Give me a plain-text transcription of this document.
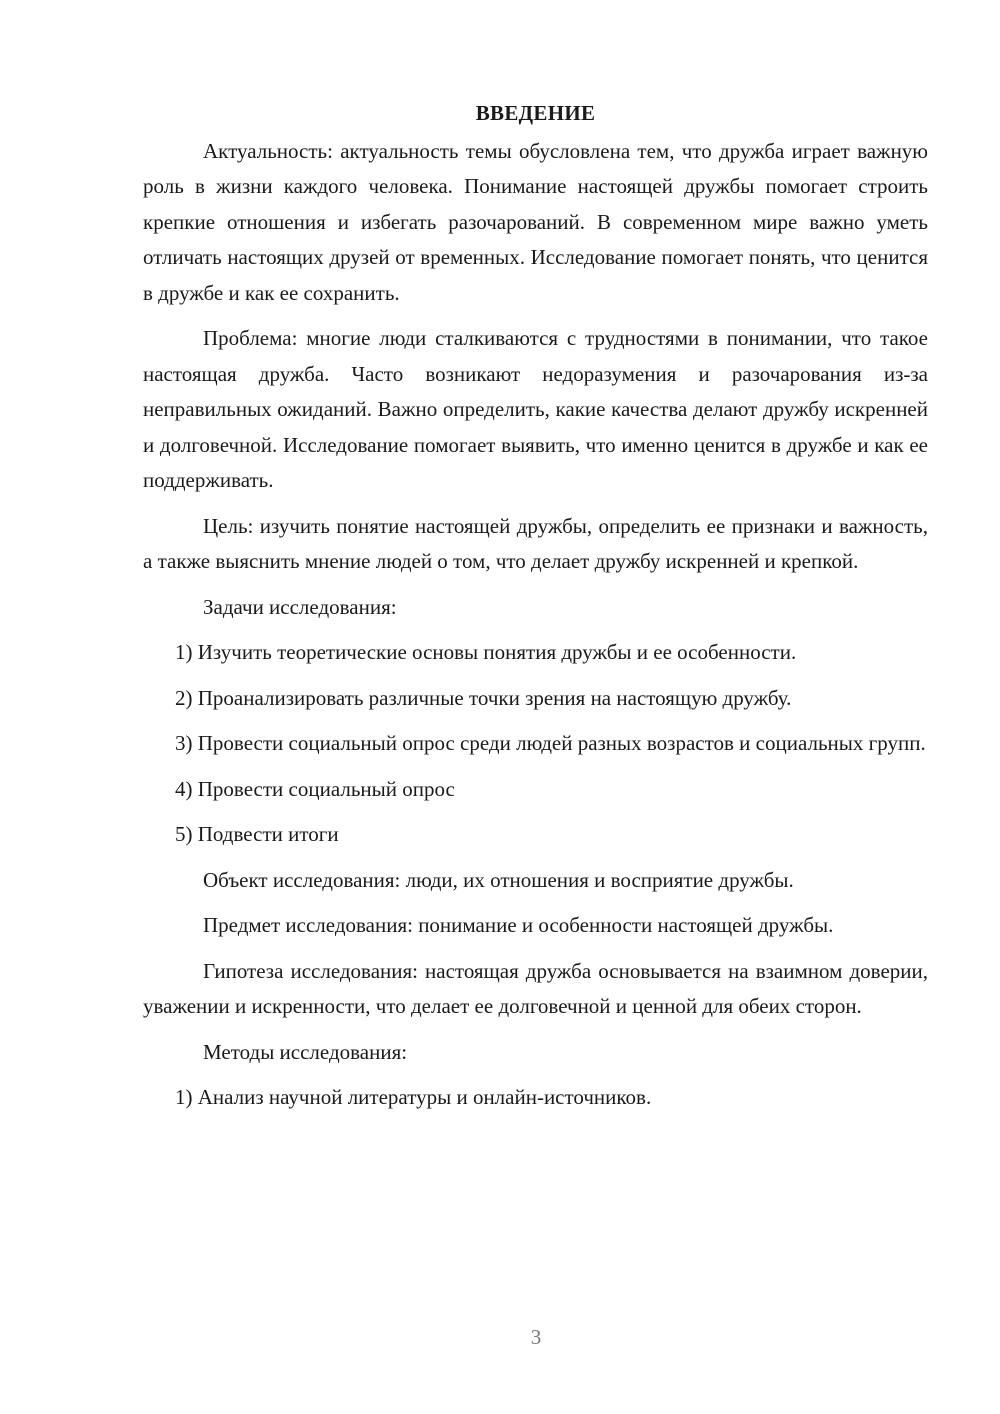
ВВЕДЕНИЕ

Актуальность: актуальность темы обусловлена тем, что дружба играет важную роль в жизни каждого человека. Понимание настоящей дружбы помогает строить крепкие отношения и избегать разочарований. В современном мире важно уметь отличать настоящих друзей от временных. Исследование помогает понять, что ценится в дружбе и как ее сохранить.

Проблема: многие люди сталкиваются с трудностями в понимании, что такое настоящая дружба. Часто возникают недоразумения и разочарования из-за неправильных ожиданий. Важно определить, какие качества делают дружбу искренней и долговечной. Исследование помогает выявить, что именно ценится в дружбе и как ее поддерживать.

Цель: изучить понятие настоящей дружбы, определить ее признаки и важность, а также выяснить мнение людей о том, что делает дружбу искренней и крепкой.

Задачи исследования:

1) Изучить теоретические основы понятия дружбы и ее особенности.

2) Проанализировать различные точки зрения на настоящую дружбу.

3) Провести социальный опрос среди людей разных возрастов и социальных групп.

4) Провести социальный опрос

5) Подвести итоги

Объект исследования: люди, их отношения и восприятие дружбы.

Предмет исследования: понимание и особенности настоящей дружбы.

Гипотеза исследования: настоящая дружба основывается на взаимном доверии, уважении и искренности, что делает ее долговечной и ценной для обеих сторон.

Методы исследования:

1) Анализ научной литературы и онлайн-источников.

3
